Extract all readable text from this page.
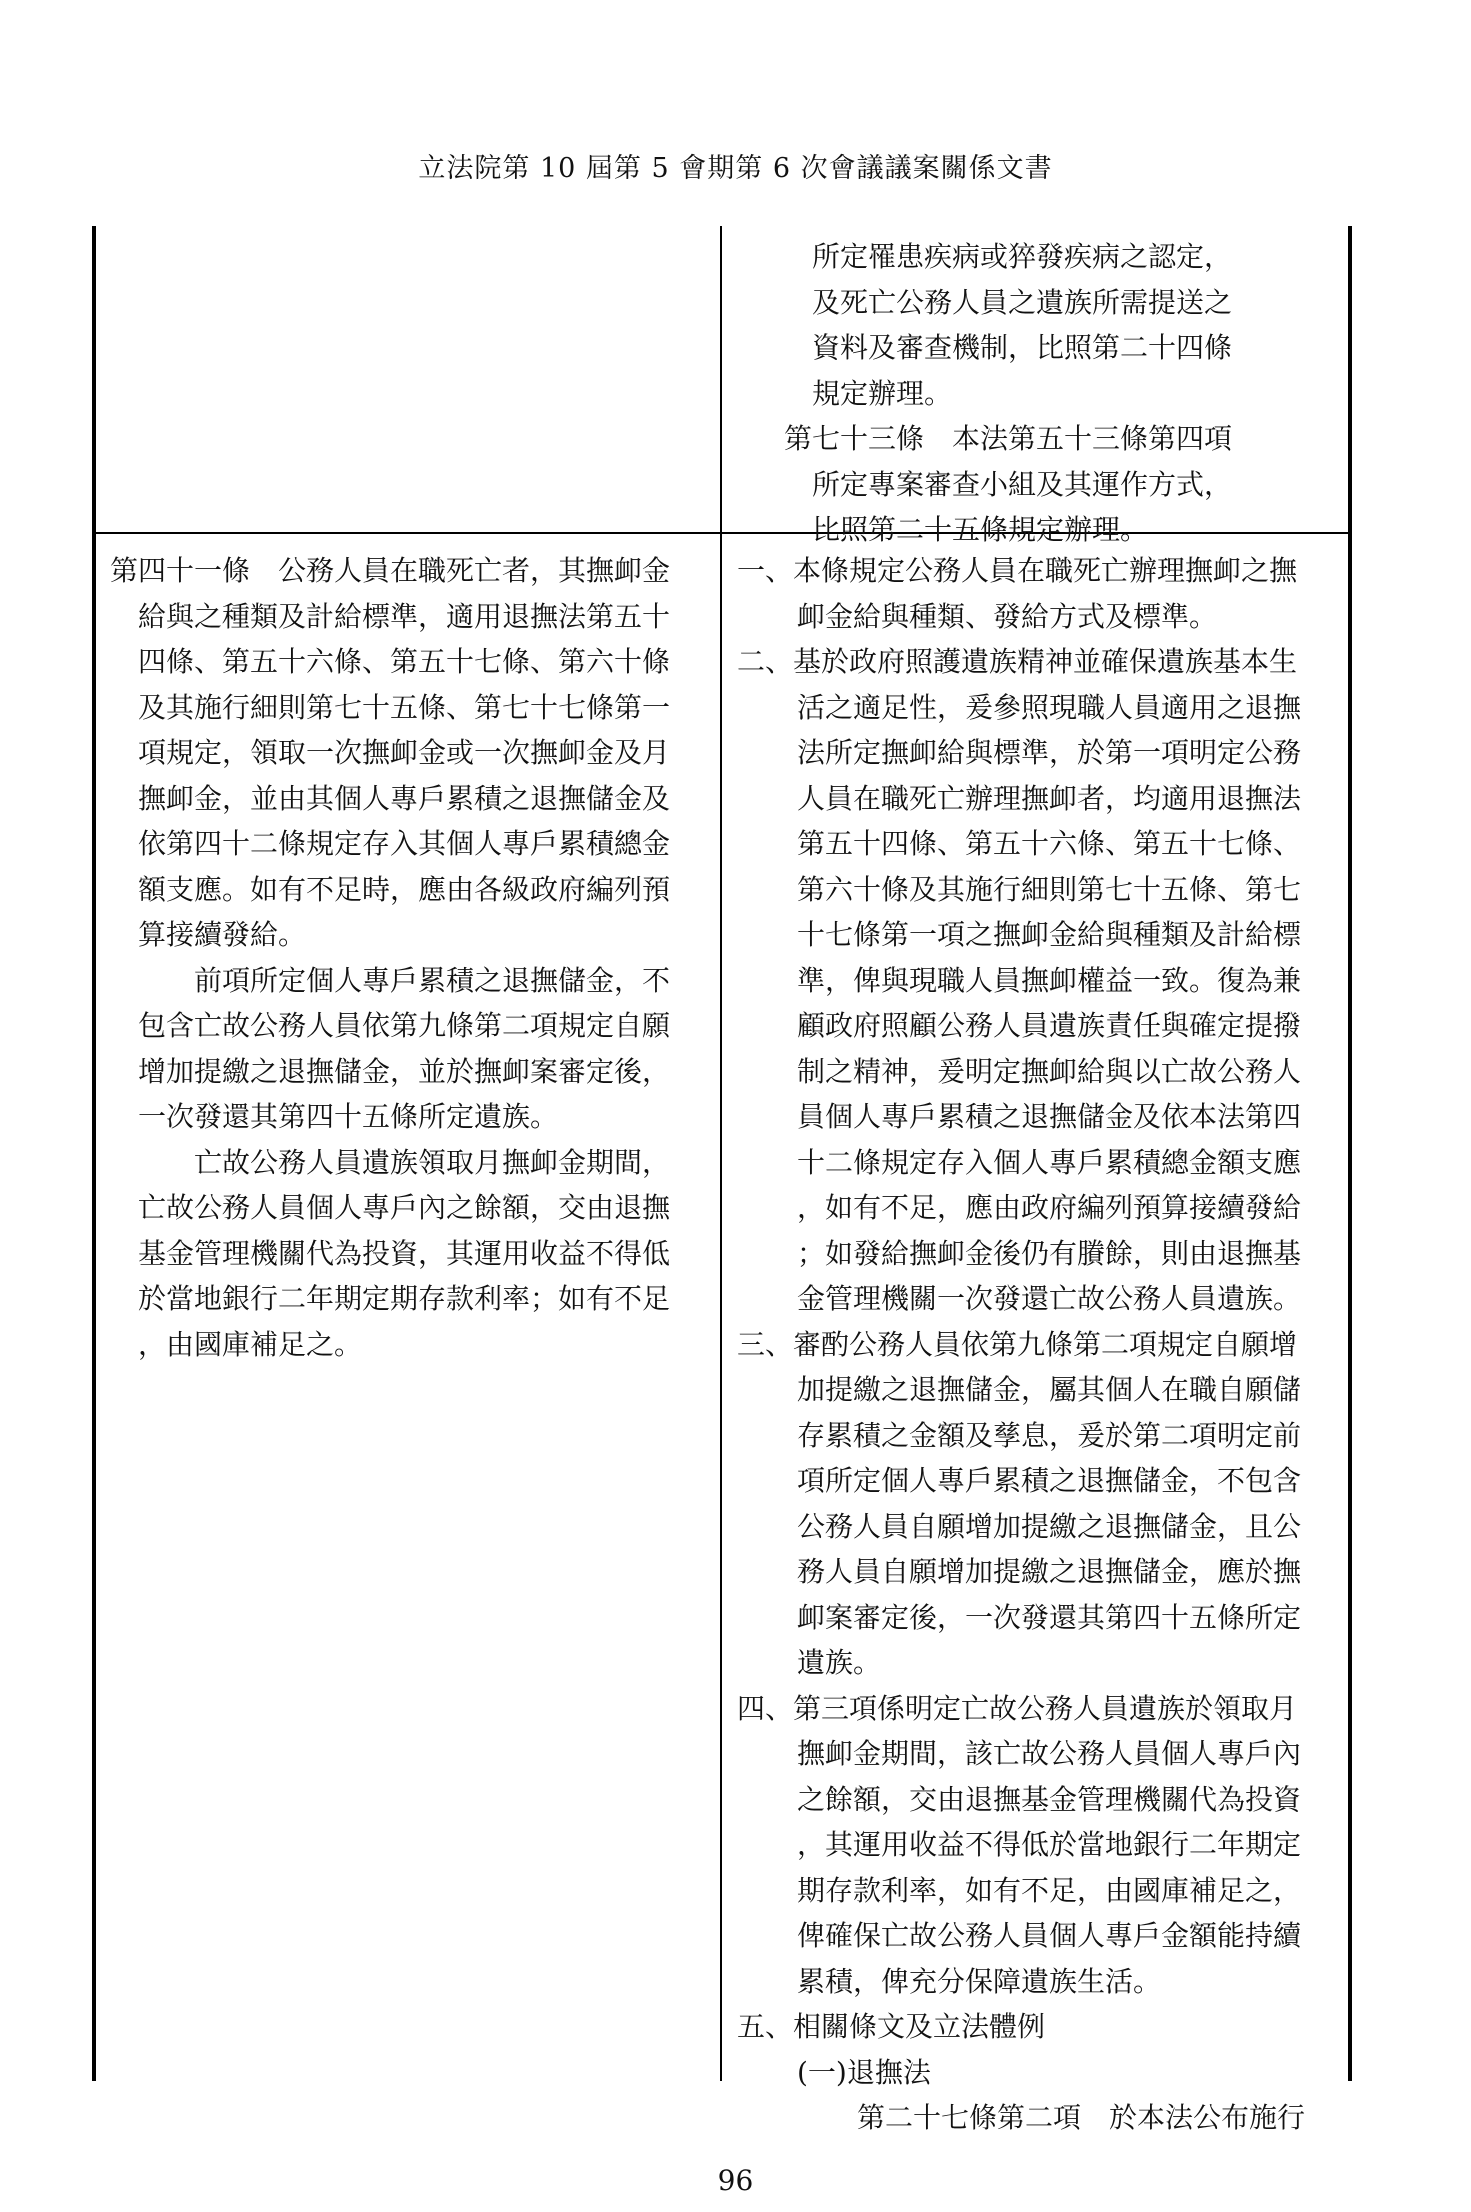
立法院第 10 屆第 5 會期第 6 次會議議案關係文書
所定罹患疾病或猝發疾病之認定，
及死亡公務人員之遺族所需提送之
資料及審查機制，比照第二十四條
規定辦理。
第七十三條　本法第五十三條第四項
所定專案審查小組及其運作方式，
比照第二十五條規定辦理。
第四十一條　公務人員在職死亡者，其撫卹金
給與之種類及計給標準，適用退撫法第五十
四條、第五十六條、第五十七條、第六十條
及其施行細則第七十五條、第七十七條第一
項規定，領取一次撫卹金或一次撫卹金及月
撫卹金，並由其個人專戶累積之退撫儲金及
依第四十二條規定存入其個人專戶累積總金
額支應。如有不足時，應由各級政府編列預
算接續發給。
前項所定個人專戶累積之退撫儲金，不
包含亡故公務人員依第九條第二項規定自願
增加提繳之退撫儲金，並於撫卹案審定後，
一次發還其第四十五條所定遺族。
亡故公務人員遺族領取月撫卹金期間，
亡故公務人員個人專戶內之餘額，交由退撫
基金管理機關代為投資，其運用收益不得低
於當地銀行二年期定期存款利率；如有不足
，由國庫補足之。
一、本條規定公務人員在職死亡辦理撫卹之撫
卹金給與種類、發給方式及標準。
二、基於政府照護遺族精神並確保遺族基本生
活之適足性，爰參照現職人員適用之退撫
法所定撫卹給與標準，於第一項明定公務
人員在職死亡辦理撫卹者，均適用退撫法
第五十四條、第五十六條、第五十七條、
第六十條及其施行細則第七十五條、第七
十七條第一項之撫卹金給與種類及計給標
準，俾與現職人員撫卹權益一致。復為兼
顧政府照顧公務人員遺族責任與確定提撥
制之精神，爰明定撫卹給與以亡故公務人
員個人專戶累積之退撫儲金及依本法第四
十二條規定存入個人專戶累積總金額支應
，如有不足，應由政府編列預算接續發給
；如發給撫卹金後仍有賸餘，則由退撫基
金管理機關一次發還亡故公務人員遺族。
三、審酌公務人員依第九條第二項規定自願增
加提繳之退撫儲金，屬其個人在職自願儲
存累積之金額及孳息，爰於第二項明定前
項所定個人專戶累積之退撫儲金，不包含
公務人員自願增加提繳之退撫儲金，且公
務人員自願增加提繳之退撫儲金，應於撫
卹案審定後，一次發還其第四十五條所定
遺族。
四、第三項係明定亡故公務人員遺族於領取月
撫卹金期間，該亡故公務人員個人專戶內
之餘額，交由退撫基金管理機關代為投資
，其運用收益不得低於當地銀行二年期定
期存款利率，如有不足，由國庫補足之，
俾確保亡故公務人員個人專戶金額能持續
累積，俾充分保障遺族生活。
五、相關條文及立法體例
(一)退撫法
第二十七條第二項　於本法公布施行
96
